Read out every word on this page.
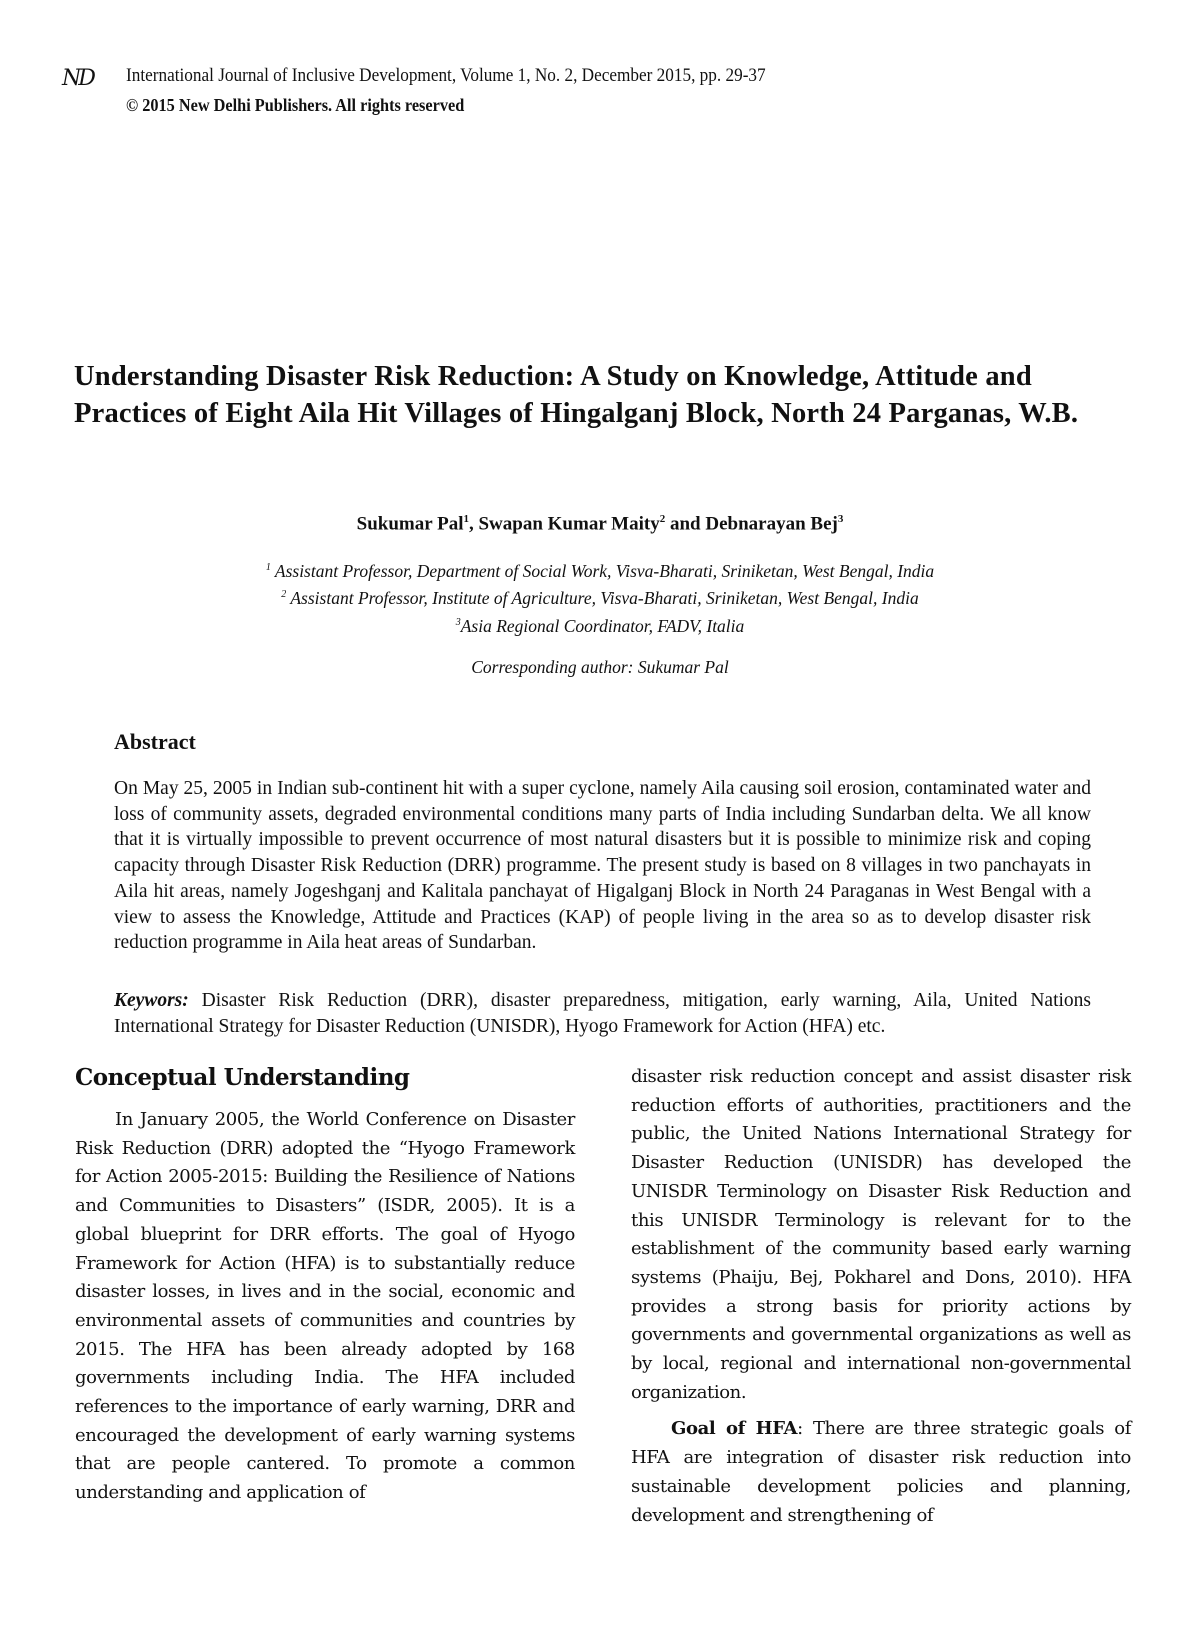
ND International Journal of Inclusive Development, Volume 1, No. 2, December 2015, pp. 29-37
© 2015 New Delhi Publishers. All rights reserved
Understanding Disaster Risk Reduction: A Study on Knowledge, Attitude and Practices of Eight Aila Hit Villages of Hingalganj Block, North 24 Parganas, W.B.
Sukumar Pal$^1$, Swapan Kumar Maity$^2$ and Debnarayan Bej$^3$
$^1$ Assistant Professor, Department of Social Work, Visva-Bharati, Sriniketan, West Bengal, India
$^2$ Assistant Professor, Institute of Agriculture, Visva-Bharati, Sriniketan, West Bengal, India
$^3$Asia Regional Coordinator, FADV, Italia
Corresponding author: Sukumar Pal
Abstract
On May 25, 2005 in Indian sub-continent hit with a super cyclone, namely Aila causing soil erosion, contaminated water and loss of community assets, degraded environmental conditions many parts of India including Sundarban delta. We all know that it is virtually impossible to prevent occurrence of most natural disasters but it is possible to minimize risk and coping capacity through Disaster Risk Reduction (DRR) programme. The present study is based on 8 villages in two panchayats in Aila hit areas, namely Jogeshganj and Kalitala panchayat of Higalganj Block in North 24 Paraganas in West Bengal with a view to assess the Knowledge, Attitude and Practices (KAP) of people living in the area so as to develop disaster risk reduction programme in Aila heat areas of Sundarban.
Keywors: Disaster Risk Reduction (DRR), disaster preparedness, mitigation, early warning, Aila, United Nations International Strategy for Disaster Reduction (UNISDR), Hyogo Framework for Action (HFA) etc.
Conceptual Understanding

In January 2005, the World Conference on Disaster Risk Reduction (DRR) adopted the “Hyogo Framework for Action 2005-2015: Building the Resilience of Nations and Communities to Disasters” (ISDR, 2005). It is a global blueprint for DRR efforts. The goal of Hyogo Framework for Action (HFA) is to substantially reduce disaster losses, in lives and in the social, economic and environmental assets of communities and countries by 2015. The HFA has been already adopted by 168 governments including India. The HFA included references to the importance of early warning, DRR and encouraged the development of early warning systems that are people cantered. To promote a common understanding and application of

disaster risk reduction concept and assist disaster risk reduction efforts of authorities, practitioners and the public, the United Nations International Strategy for Disaster Reduction (UNISDR) has developed the UNISDR Terminology on Disaster Risk Reduction and this UNISDR Terminology is relevant for to the establishment of the community based early warning systems (Phaiju, Bej, Pokharel and Dons, 2010). HFA provides a strong basis for priority actions by governments and governmental organizations as well as by local, regional and international non-governmental organization.

Goal of HFA: There are three strategic goals of HFA are integration of disaster risk reduction into sustainable development policies and planning, development and strengthening of
